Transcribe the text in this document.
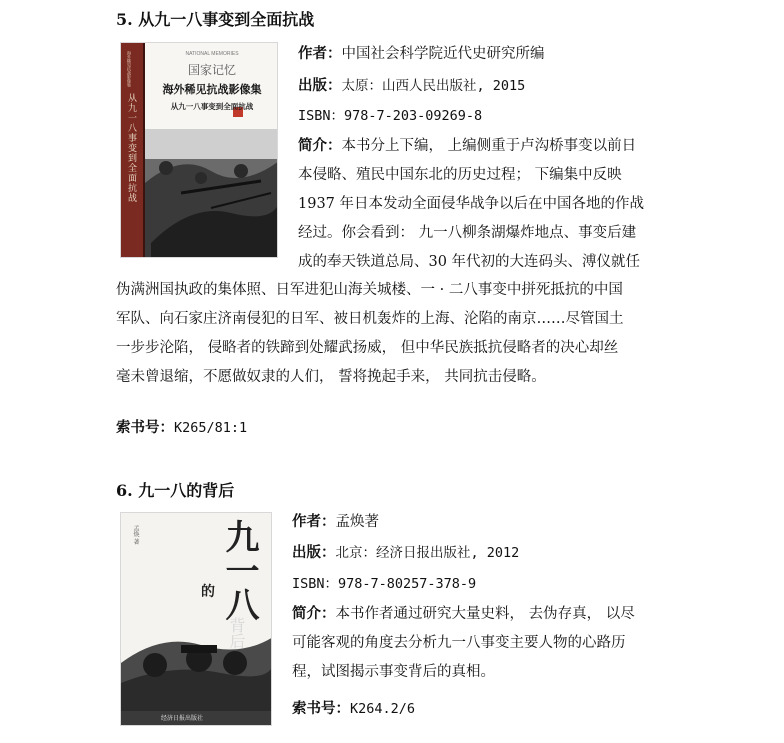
5. 从九一八事变到全面抗战
NATIONAL MEMORIES
国家记忆
海外稀见抗战影像集
从九一八事变到全面抗战
从九一八事变到全面抗战
海外稀见抗战影像集	作者：中国社会科学院近代史研究所编
出版：太原：山西人民出版社, 2015
ISBN：978-7-203-09269-8
简介：本书分上下编， 上编侧重于卢沟桥事变以前日
本侵略、殖民中国东北的历史过程； 下编集中反映
1937 年日本发动全面侵华战争以后在中国各地的作战
经过。你会看到： 九一八柳条湖爆炸地点、事变后建
成的奉天铁道总局、30 年代初的大连码头、溥仪就任
伪满洲国执政的集体照、日军进犯山海关城楼、一 · 二八事变中拼死抵抗的中国
军队、向石家庄济南侵犯的日军、被日机轰炸的上海、沦陷的南京……尽管国土
一步步沦陷， 侵略者的铁蹄到处耀武扬威， 但中华民族抵抗侵略者的决心却丝
毫未曾退缩，不愿做奴隶的人们， 誓将挽起手来， 共同抗击侵略。
索书号：K265/81:1
6. 九一八的背后
孟焕 著 九一八
的
背后
经济日报出版社
作者：孟焕著
出版：北京：经济日报出版社, 2012
ISBN：978-7-80257-378-9
简介：本书作者通过研究大量史料， 去伪存真， 以尽
可能客观的角度去分析九一八事变主要人物的心路历
程，试图揭示事变背后的真相。
索书号：K264.2/6
